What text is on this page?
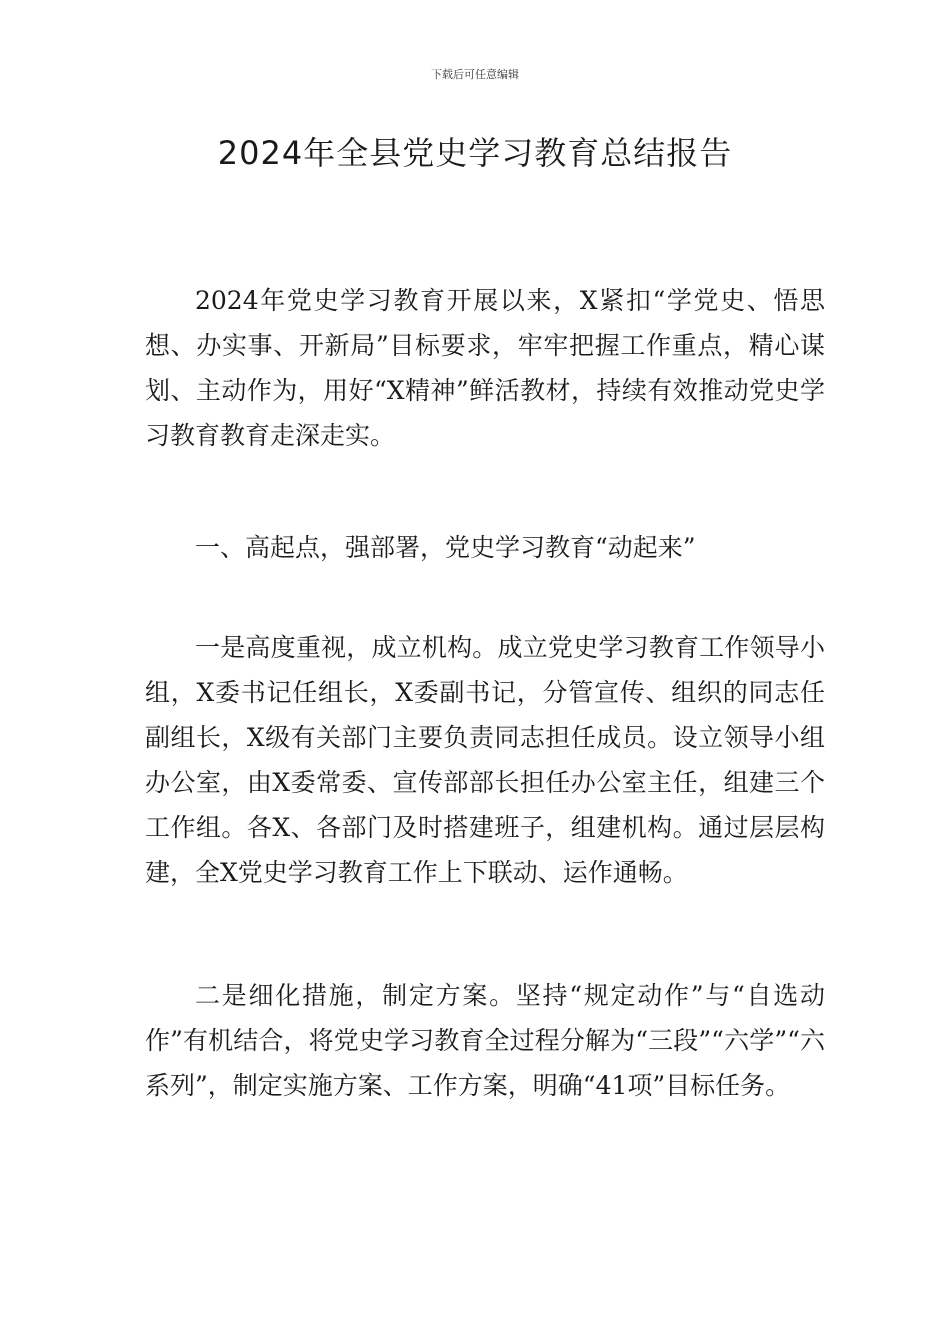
下载后可任意编辑
2024年全县党史学习教育总结报告

2024年党史学习教育开展以来，X紧扣“学党史、悟思想、办实事、开新局”目标要求，牢牢把握工作重点，精心谋划、主动作为，用好“X精神”鲜活教材，持续有效推动党史学习教育教育走深走实。

一、高起点，强部署，党史学习教育“动起来”

一是高度重视，成立机构。成立党史学习教育工作领导小组，X委书记任组长，X委副书记，分管宣传、组织的同志任副组长，X级有关部门主要负责同志担任成员。设立领导小组办公室，由X委常委、宣传部部长担任办公室主任，组建三个工作组。各X、各部门及时搭建班子，组建机构。通过层层构建，全X党史学习教育工作上下联动、运作通畅。

二是细化措施，制定方案。坚持“规定动作”与“自选动作”有机结合，将党史学习教育全过程分解为“三段”“六学”“六系列”，制定实施方案、工作方案，明确“41项”目标任务。
